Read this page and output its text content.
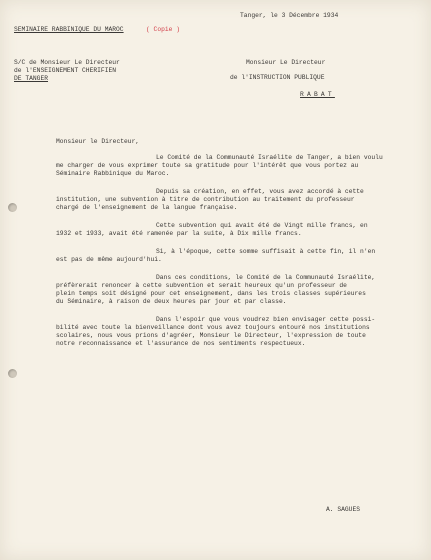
SEMINAIRE RABBINIQUE DU MAROC	( Copie )
Tanger, le 3 Décembre 1934
S/C de Monsieur Le Directeur
de l'ENSEIGNEMENT CHERIFIEN
DE TANGER
Monsieur Le Directeur
de l'INSTRUCTION PUBLIQUE
RABAT
Monsieur le Directeur,
Le Comité de la Communauté Israélite de Tanger, a bien voulu
me charger de vous exprimer toute sa gratitude pour l'intérêt que vous portez au
Séminaire Rabbinique du Maroc.
Depuis sa création, en effet, vous avez accordé à cette
institution, une subvention à titre de contribution au traitement du professeur
chargé de l'enseignement de la langue française.
Cette subvention qui avait été de Vingt mille francs, en
1932 et 1933, avait été ramenée par la suite, à Dix mille francs.
Si, à l'époque, cette somme suffisait à cette fin, il n'en
est pas de même aujourd'hui.
Dans ces conditions, le Comité de la Communauté Israélite,
préfèrerait renoncer à cette subvention et serait heureux qu'un professeur de
plein temps soit désigné pour cet enseignement, dans les trois classes supérieures
du Séminaire, à raison de deux heures par jour et par classe.
Dans l'espoir que vous voudrez bien envisager cette possi-
bilité avec toute la bienveillance dont vous avez toujours entouré nos institutions
scolaires, nous vous prions d'agréer, Monsieur le Directeur, l'expression de toute
notre reconnaissance et l'assurance de nos sentiments respectueux.
A. SAGUES
